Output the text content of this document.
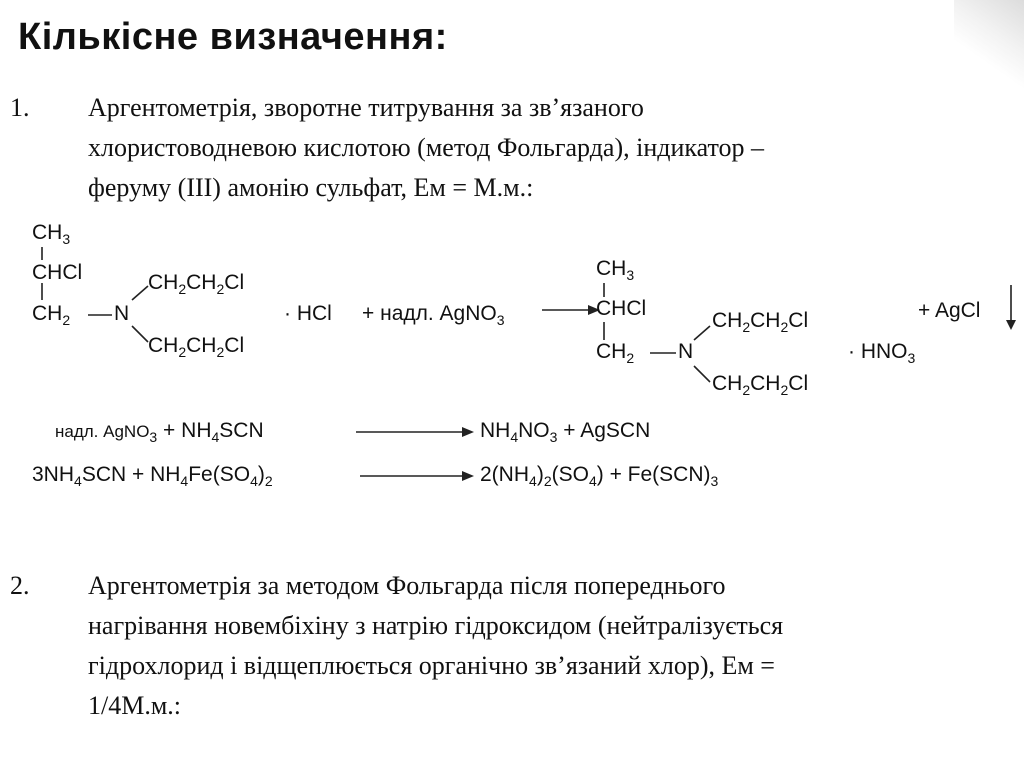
Кількісне визначення:
1. Аргентометрія, зворотне титрування за зв’язаного
хлористоводневою кислотою (метод Фольгарда), індикатор –
феруму (III) амонію сульфат, Ем = М.м.:
$CH_3$
CHCl
$CH_2$ N
$CH_2CH_2Cl$
$CH_2CH_2Cl$
· HCl + надл. AgNO$_3$
$CH_3$
CHCl
$CH_2$ N
$CH_2CH_2Cl$
$CH_2CH_2Cl$
· $HNO_3$
+ AgCl
надл. AgNO$_3$ + $NH_4SCN$	$NH_4NO_3$ + AgSCN
$3NH_4SCN + NH_4Fe(SO_4)_2$	$2(NH_4)_2(SO_4) + Fe(SCN)_3$
2. Аргентометрія за методом Фольгарда після попереднього
нагрівання новембіхіну з натрію гідроксидом (нейтралізується
гідрохлорид і відщеплюється органічно зв’язаний хлор), Ем =
1/4М.м.:
